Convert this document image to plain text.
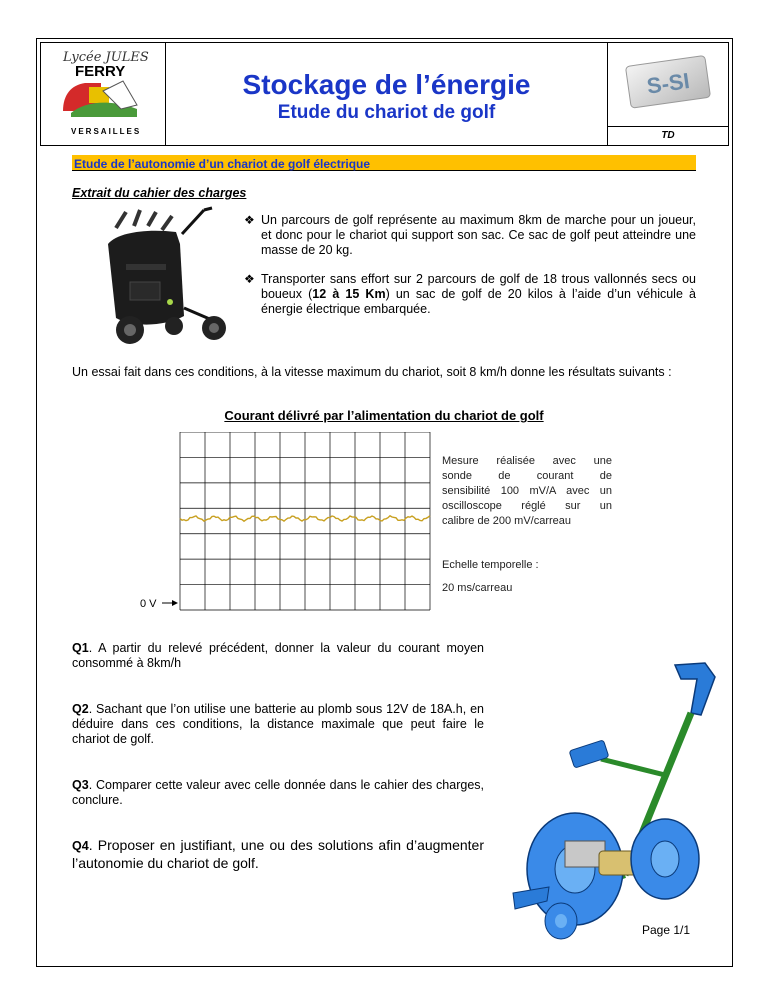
Lycée JULES
FERRY
VERSAILLES

Stockage de l’énergie
Etude du chariot de golf

S-SI

TD
Etude de l’autonomie d’un chariot de golf électrique
Extrait du cahier des charges
❖ Un parcours de golf représente au maximum 8km de marche pour un joueur, et donc pour le chariot qui support son sac. Ce sac de golf peut atteindre une masse de 20 kg.
❖ Transporter sans effort sur 2 parcours de golf de 18 trous vallonnés secs ou boueux (12 à 15 Km) un sac de golf de 20 kilos à l’aide d’un véhicule à énergie électrique embarquée.
Un essai fait dans ces conditions, à la vitesse maximum du chariot, soit 8 km/h donne les résultats suivants :
Courant délivré par l’alimentation du chariot de golf
0 V
Mesure réalisée avec une
sonde de courant de
sensibilité 100 mV/A avec un
oscilloscope réglé sur un
calibre de 200 mV/carreau
Echelle temporelle :
20 ms/carreau
Q1. A partir du relevé précédent, donner la valeur du courant moyen consommé à 8km/h
Q2. Sachant que l’on utilise une batterie au plomb sous 12V de 18A.h, en déduire dans ces conditions, la distance maximale que peut faire le chariot de golf.
Q3. Comparer cette valeur avec celle donnée dans le cahier des charges, conclure.
Q4. Proposer en justifiant, une ou des solutions afin d’augmenter l’autonomie du chariot de golf.
Page 1/1
